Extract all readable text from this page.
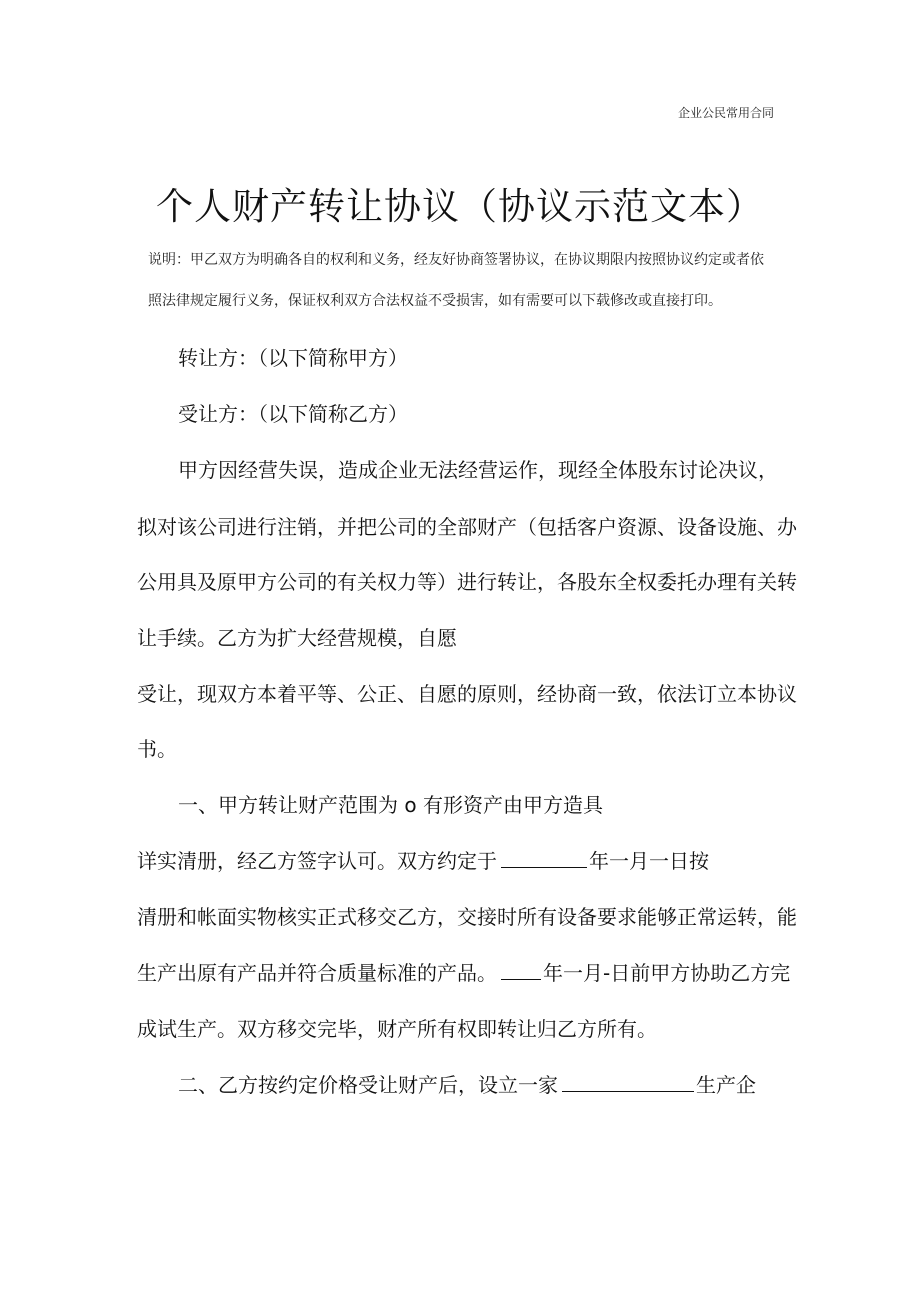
企业公民常用合同
个人财产转让协议（协议示范文本）

说明：甲乙双方为明确各自的权利和义务，经友好协商签署协议，在协议期限内按照协议约定或者依

照法律规定履行义务，保证权利双方合法权益不受损害，如有需要可以下载修改或直接打印。

转让方：（以下简称甲方）

受让方：（以下简称乙方）

甲方因经营失误，造成企业无法经营运作，现经全体股东讨论决议，

拟对该公司进行注销，并把公司的全部财产（包括客户资源、设备设施、办

公用具及原甲方公司的有关权力等）进行转让，各股东全权委托办理有关转

让手续。乙方为扩大经营规模，自愿

受让，现双方本着平等、公正、自愿的原则，经协商一致，依法订立本协议

书。

一、甲方转让财产范围为 o 有形资产由甲方造具

详实清册，经乙方签字认可。双方约定于	年一月一日按

清册和帐面实物核实正式移交乙方，交接时所有设备要求能够正常运转，能

生产出原有产品并符合质量标准的产品。 年一月-日前甲方协助乙方完

成试生产。双方移交完毕，财产所有权即转让归乙方所有。

二、乙方按约定价格受让财产后，设立一家	生产企
